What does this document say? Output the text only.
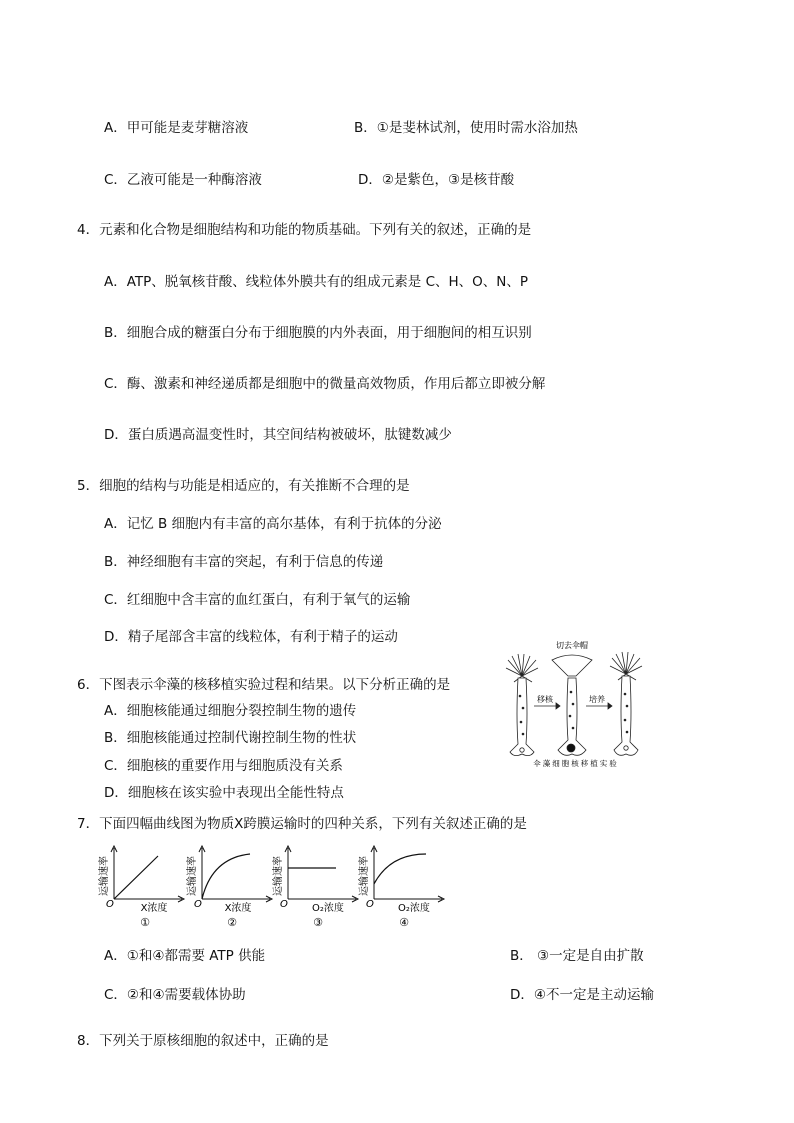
A．甲可能是麦芽糖溶液	B．①是斐林试剂，使用时需水浴加热
C．乙液可能是一种酶溶液	D．②是紫色，③是核苷酸
4．元素和化合物是细胞结构和功能的物质基础。下列有关的叙述，正确的是
A．ATP、脱氧核苷酸、线粒体外膜共有的组成元素是 C、H、O、N、P
B．细胞合成的糖蛋白分布于细胞膜的内外表面，用于细胞间的相互识别
C．酶、激素和神经递质都是细胞中的微量高效物质，作用后都立即被分解
D．蛋白质遇高温变性时，其空间结构被破坏，肽键数减少
5．细胞的结构与功能是相适应的，有关推断不合理的是
A．记忆 B 细胞内有丰富的高尔基体，有利于抗体的分泌
B．神经细胞有丰富的突起，有利于信息的传递
C．红细胞中含丰富的血红蛋白，有利于氧气的运输
D．精子尾部含丰富的线粒体，有利于精子的运动
6．下图表示伞藻的核移植实验过程和结果。以下分析正确的是
A．细胞核能通过细胞分裂控制生物的遗传
B．细胞核能通过控制代谢控制生物的性状
C．细胞核的重要作用与细胞质没有关系
D．细胞核在该实验中表现出全能性特点
切去伞帽
移核	培养
伞藻细胞核移植实验
7．下面四幅曲线图为物质X跨膜运输时的四种关系，下列有关叙述正确的是
运输速率
O	X浓度
①
运输速率
O X浓度
②
运输速率
O O₂浓度
③
运输速率
O O₂浓度
④
A．①和④都需要 ATP 供能	B． ③一定是自由扩散
C．②和④需要载体协助	D．④不一定是主动运输
8．下列关于原核细胞的叙述中，正确的是
